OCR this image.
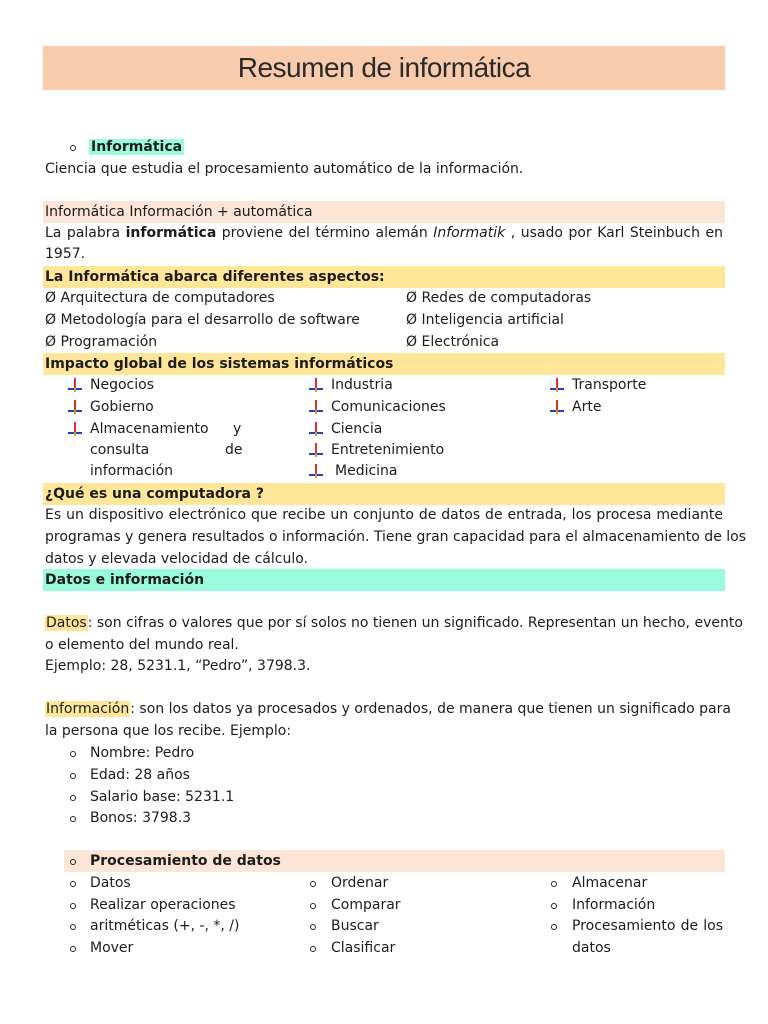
Resumen de informática
Informática
Ciencia que estudia el procesamiento automático de la información.
Informática Información + automática
La palabra informática proviene del término alemán Informatik , usado por Karl Steinbuch en
1957.
La Informática abarca diferentes aspectos:
Ø Arquitectura de computadores
Ø Metodología para el desarrollo de software
Ø Programación
Ø Redes de computadoras
Ø Inteligencia artificial
Ø Electrónica
Impacto global de los sistemas informáticos
Negocios
Gobierno
Almacenamiento y
consulta	de
información
Industria
Comunicaciones
Ciencia
Entretenimiento
Medicina
Transporte
Arte
¿Qué es una computadora ?
Es un dispositivo electrónico que recibe un conjunto de datos de entrada, los procesa mediante
programas y genera resultados o información. Tiene gran capacidad para el almacenamiento de los
datos y elevada velocidad de cálculo.
Datos e información
Datos: son cifras o valores que por sí solos no tienen un significado. Representan un hecho, evento
o elemento del mundo real.
Ejemplo: 28, 5231.1, “Pedro”, 3798.3.
Información: son los datos ya procesados y ordenados, de manera que tienen un significado para
la persona que los recibe. Ejemplo:
Nombre: Pedro
Edad: 28 años
Salario base: 5231.1
Bonos: 3798.3
Procesamiento de datos
Datos
Realizar operaciones
aritméticas (+, -, *, /)
Mover
Ordenar
Comparar
Buscar
Clasificar
Almacenar
Información
Procesamiento de los
datos
